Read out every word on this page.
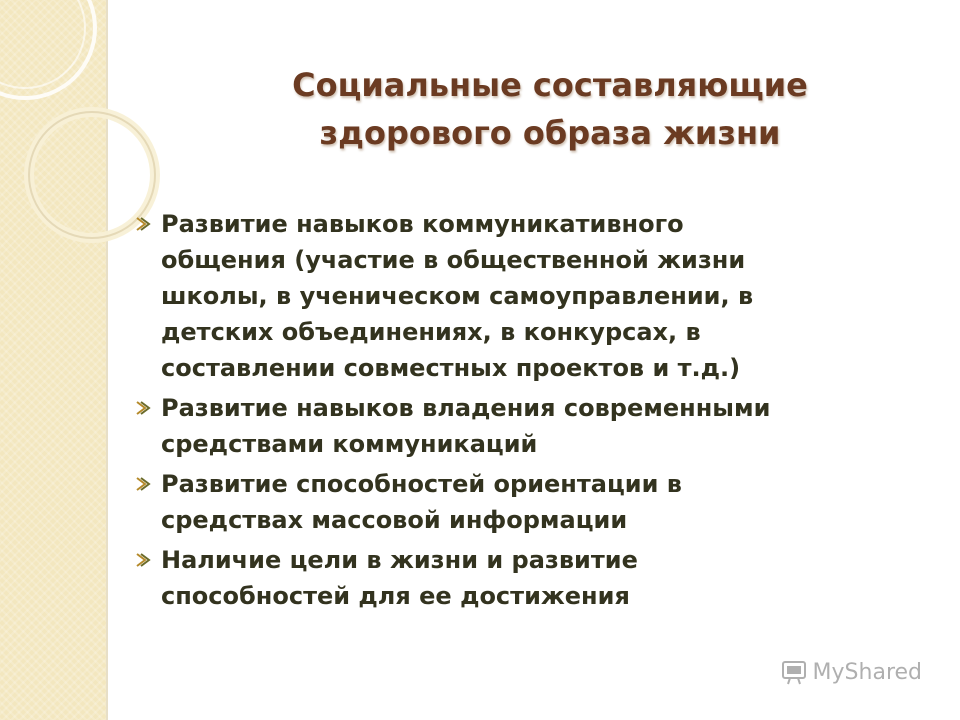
Социальные составляющие
здорового образа жизни
Развитие навыков коммуникативного
общения (участие в общественной жизни
школы, в ученическом самоуправлении, в
детских объединениях, в конкурсах, в
составлении совместных проектов и т.д.)
Развитие навыков владения современными
средствами коммуникаций
Развитие способностей ориентации в
средствах массовой информации
Наличие цели в жизни и развитие
способностей для ее достижения
MyShared
